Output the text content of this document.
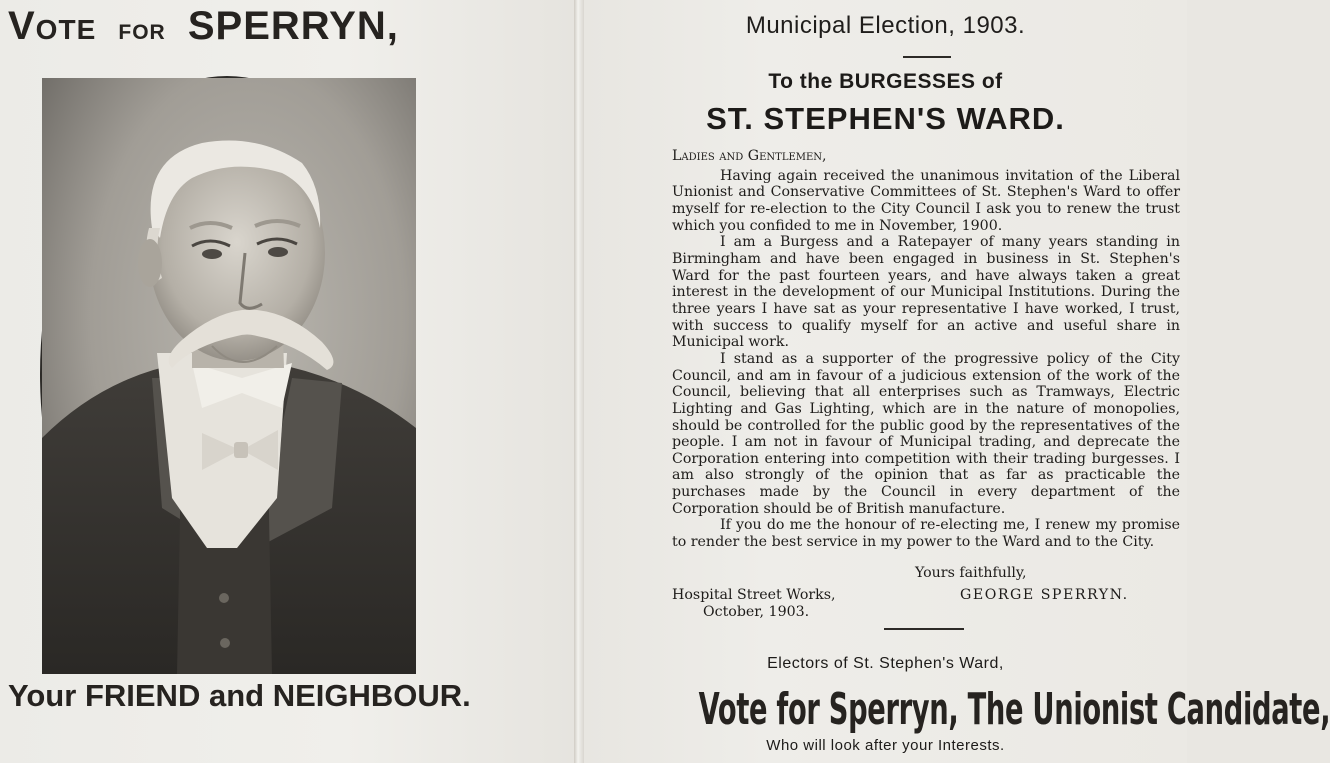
Vote for SPERRYN,
Your FRIEND and NEIGHBOUR.
Municipal Election, 1903.
To the BURGESSES of
ST. STEPHEN'S WARD.
Ladies and Gentlemen,

Having again received the unanimous invitation of the Liberal Unionist and Conservative Committees of St. Stephen's Ward to offer myself for re-election to the City Council I ask you to renew the trust which you confided to me in November, 1900.

I am a Burgess and a Ratepayer of many years standing in Birmingham and have been engaged in business in St. Stephen's Ward for the past fourteen years, and have always taken a great interest in the development of our Municipal Institutions. During the three years I have sat as your representative I have worked, I trust, with success to qualify myself for an active and useful share in Municipal work.

I stand as a supporter of the progressive policy of the City Council, and am in favour of a judicious extension of the work of the Council, believing that all enterprises such as Tramways, Electric Lighting and Gas Lighting, which are in the nature of monopolies, should be controlled for the public good by the representatives of the people. I am not in favour of Municipal trading, and deprecate the Corporation entering into competition with their trading burgesses. I am also strongly of the opinion that as far as practicable the purchases made by the Council in every department of the Corporation should be of British manufacture.

If you do me the honour of re-electing me, I renew my promise to render the best service in my power to the Ward and to the City.

Yours faithfully,
Hospital Street Works,	GEORGE SPERRYN.
October, 1903.
Electors of St. Stephen's Ward,
Vote for Sperryn, The Unionist Candidate,
Who will look after your Interests.
